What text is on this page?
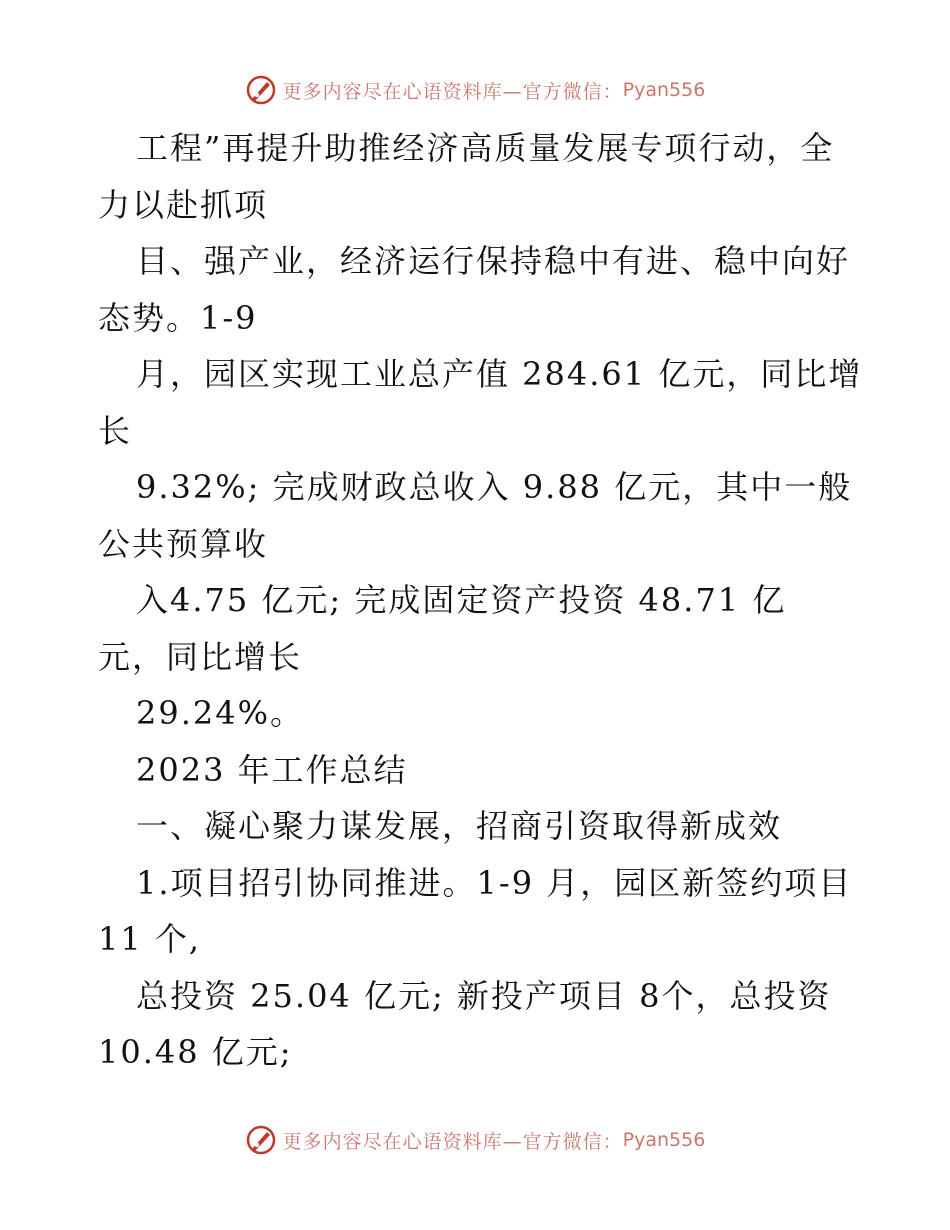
更多内容尽在心语资料库—官方微信： Pyan556
工程”再提升助推经济高质量发展专项行动，全
力以赴抓项
目、强产业，经济运行保持稳中有进、稳中向好
态势。1-9
月，园区实现工业总产值 284.61 亿元，同比增
长
9.32%; 完成财政总收入 9.88 亿元，其中一般
公共预算收
入4.75 亿元; 完成固定资产投资 48.71 亿
元，同比增长
29.24%。
2023 年工作总结
一、凝心聚力谋发展，招商引资取得新成效
1.项目招引协同推进。1-9 月，园区新签约项目
11 个,
总投资 25.04 亿元; 新投产项目 8个，总投资
10.48 亿元;
更多内容尽在心语资料库—官方微信： Pyan556
